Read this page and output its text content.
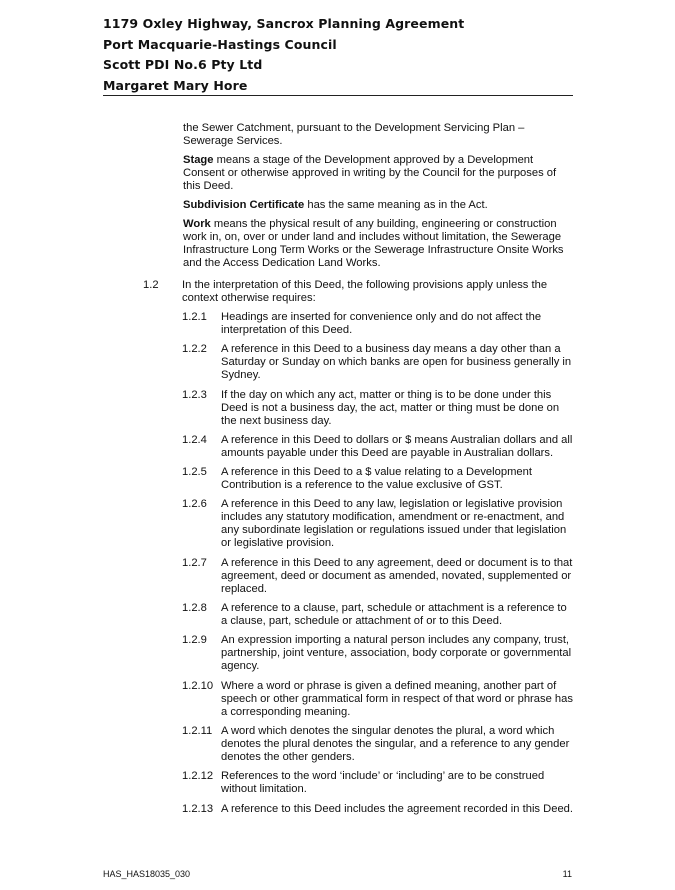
1179 Oxley Highway, Sancrox Planning Agreement
Port Macquarie-Hastings Council
Scott PDI No.6 Pty Ltd
Margaret Mary Hore

the Sewer Catchment, pursuant to the Development Servicing Plan – Sewerage Services.

Stage means a stage of the Development approved by a Development Consent or otherwise approved in writing by the Council for the purposes of this Deed.

Subdivision Certificate has the same meaning as in the Act.

Work means the physical result of any building, engineering or construction work in, on, over or under land and includes without limitation, the Sewerage Infrastructure Long Term Works or the Sewerage Infrastructure Onsite Works and the Access Dedication Land Works.

1.2 In the interpretation of this Deed, the following provisions apply unless the context otherwise requires:
1.2.1 Headings are inserted for convenience only and do not affect the interpretation of this Deed.
1.2.2 A reference in this Deed to a business day means a day other than a Saturday or Sunday on which banks are open for business generally in Sydney.
1.2.3 If the day on which any act, matter or thing is to be done under this Deed is not a business day, the act, matter or thing must be done on the next business day.
1.2.4 A reference in this Deed to dollars or $ means Australian dollars and all amounts payable under this Deed are payable in Australian dollars.
1.2.5 A reference in this Deed to a $ value relating to a Development Contribution is a reference to the value exclusive of GST.
1.2.6 A reference in this Deed to any law, legislation or legislative provision includes any statutory modification, amendment or re-enactment, and any subordinate legislation or regulations issued under that legislation or legislative provision.
1.2.7 A reference in this Deed to any agreement, deed or document is to that agreement, deed or document as amended, novated, supplemented or replaced.
1.2.8 A reference to a clause, part, schedule or attachment is a reference to a clause, part, schedule or attachment of or to this Deed.
1.2.9 An expression importing a natural person includes any company, trust, partnership, joint venture, association, body corporate or governmental agency.
1.2.10 Where a word or phrase is given a defined meaning, another part of speech or other grammatical form in respect of that word or phrase has a corresponding meaning.
1.2.11 A word which denotes the singular denotes the plural, a word which denotes the plural denotes the singular, and a reference to any gender denotes the other genders.
1.2.12 References to the word ‘include’ or ‘including’ are to be construed without limitation.
1.2.13 A reference to this Deed includes the agreement recorded in this Deed.
HAS_HAS18035_030	11
